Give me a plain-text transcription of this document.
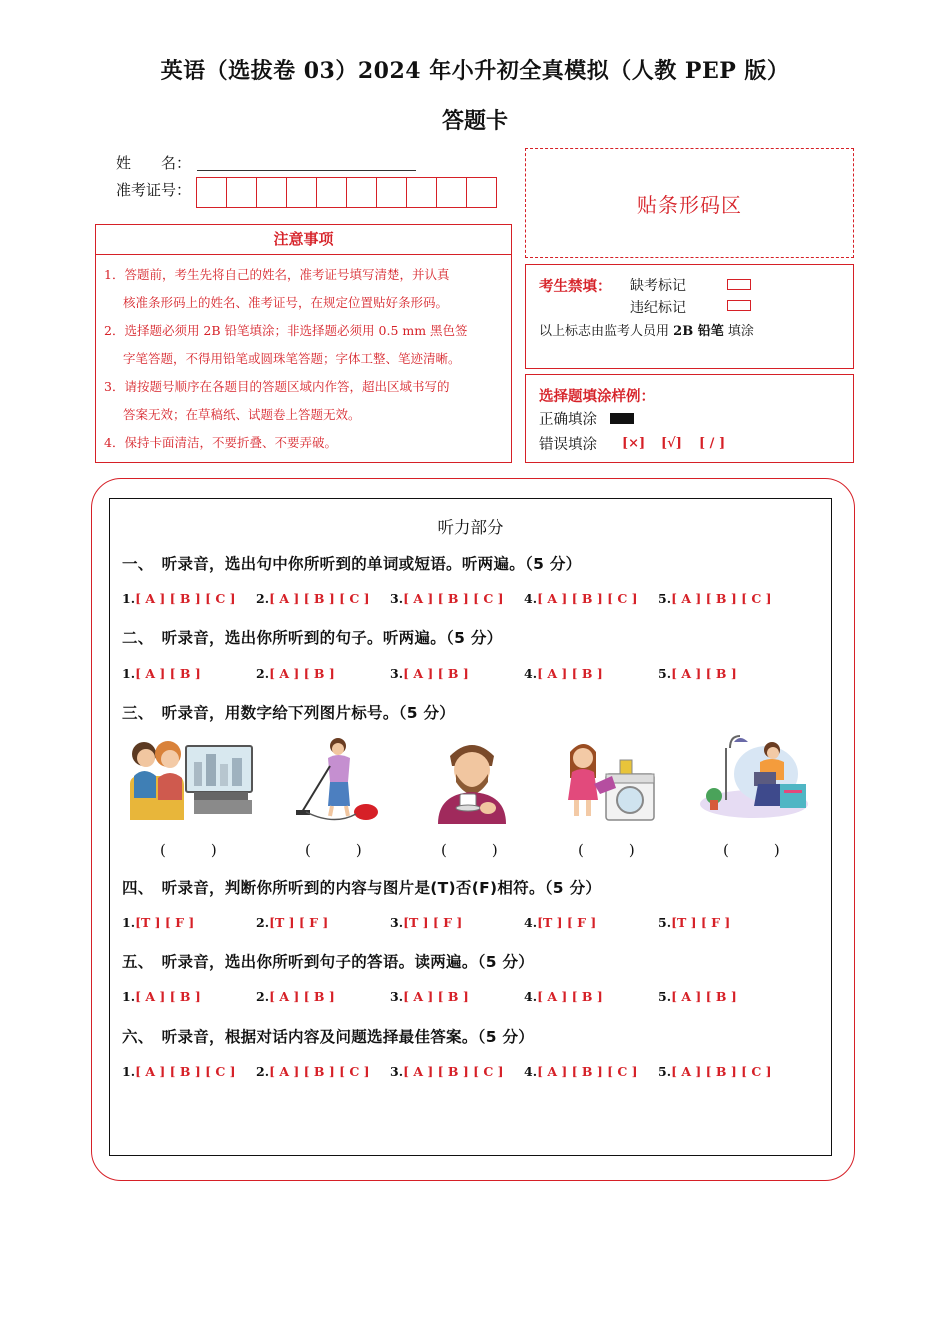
英语（选拔卷 03）2024 年小升初全真模拟（人教 PEP 版）
答题卡
姓　　名：
准考证号：
注意事项

1．答题前，考生先将自己的姓名，准考证号填写清楚，并认真

核准条形码上的姓名、准考证号，在规定位置贴好条形码。

2．选择题必须用 2B 铅笔填涂；非选择题必须用 0.5 mm 黑色签

字笔答题，不得用铅笔或圆珠笔答题；字体工整、笔迹清晰。

3．请按题号顺序在各题目的答题区域内作答，超出区域书写的

答案无效；在草稿纸、试题卷上答题无效。

4．保持卡面清洁，不要折叠、不要弄破。

贴条形码区
考生禁填： 缺考标记
违纪标记
以上标志由监考人员用 2B 铅笔 填涂
选择题填涂样例：
正确填涂
错误填涂 [×] [√] [ / ]
听力部分
一、　听录音，选出句中你所听到的单词或短语。听两遍。（5 分）
1.[ A ] [ B ] [ C ] 2.[ A ] [ B ] [ C ] 3.[ A ] [ B ] [ C ] 4.[ A ] [ B ] [ C ] 5.[ A ] [ B ] [ C ]
二、　听录音，选出你所听到的句子。听两遍。（5 分）
1.[ A ] [ B ]	2.[ A ] [ B ]	3.[ A ] [ B ]	4.[ A ] [ B ]	5.[ A ] [ B ]
三、　听录音，用数字给下列图片标号。（5 分）
(　　　)	(　　　)	(　　　)	(　　　)	(　　　)
四、　听录音，判断你所听到的内容与图片是(T)否(F)相符。（5 分）
1.[T ] [ F ]	2.[T ] [ F ]	3.[T ] [ F ]	4.[T ] [ F ]	5.[T ] [ F ]
五、　听录音，选出你所听到句子的答语。读两遍。（5 分）
1.[ A ] [ B ]	2.[ A ] [ B ]	3.[ A ] [ B ]	4.[ A ] [ B ]	5.[ A ] [ B ]
六、　听录音，根据对话内容及问题选择最佳答案。（5 分）
1.[ A ] [ B ] [ C ] 2.[ A ] [ B ] [ C ] 3.[ A ] [ B ] [ C ] 4.[ A ] [ B ] [ C ] 5.[ A ] [ B ] [ C ]
